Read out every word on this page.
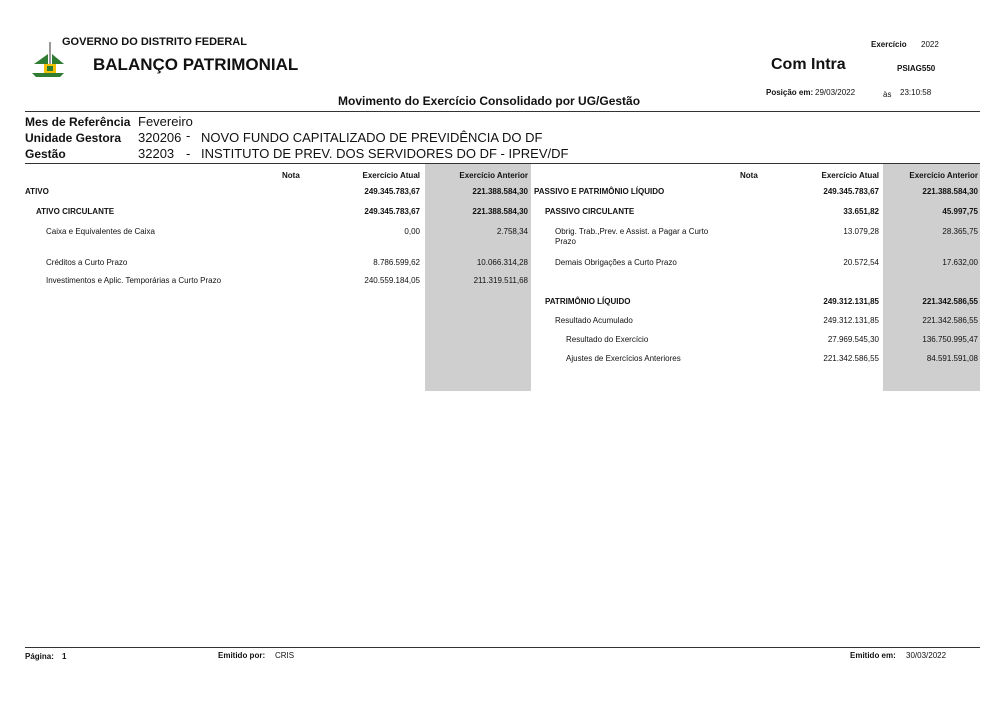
GOVERNO DO DISTRITO FEDERAL
BALANÇO PATRIMONIAL
Movimento do Exercício Consolidado por UG/Gestão
Exercício 2022
Com Intra	PSIAG550
Posição em: 29/03/2022	às 23:10:58
Mes de Referência Fevereiro
Unidade Gestora 320206 - NOVO FUNDO CAPITALIZADO DE PREVIDÊNCIA DO DF
Gestão	32203 - INSTITUTO DE PREV. DOS SERVIDORES DO DF - IPREV/DF
Nota	Exercício Atual	Exercício Anterior	Nota	Exercício Atual	Exercício Anterior
ATIVO	249.345.783,67	221.388.584,30
ATIVO CIRCULANTE	249.345.783,67	221.388.584,30
Caixa e Equivalentes de Caixa	0,00	2.758,34
Créditos a Curto Prazo	8.786.599,62	10.066.314,28
Investimentos e Aplic. Temporárias a Curto Prazo	240.559.184,05	211.319.511,68
PASSIVO E PATRIMÔNIO LÍQUIDO	249.345.783,67	221.388.584,30
PASSIVO CIRCULANTE	33.651,82	45.997,75
Obrig. Trab.,Prev. e Assist. a Pagar a Curto
Prazo
13.079,28	28.365,75
Demais Obrigações a Curto Prazo	20.572,54	17.632,00
PATRIMÔNIO LÍQUIDO	249.312.131,85	221.342.586,55
Resultado Acumulado	249.312.131,85	221.342.586,55
Resultado do Exercício	27.969.545,30	136.750.995,47
Ajustes de Exercícios Anteriores	221.342.586,55	84.591.591,08
Página: 1	Emitido por: CRIS	Emitido em: 30/03/2022
